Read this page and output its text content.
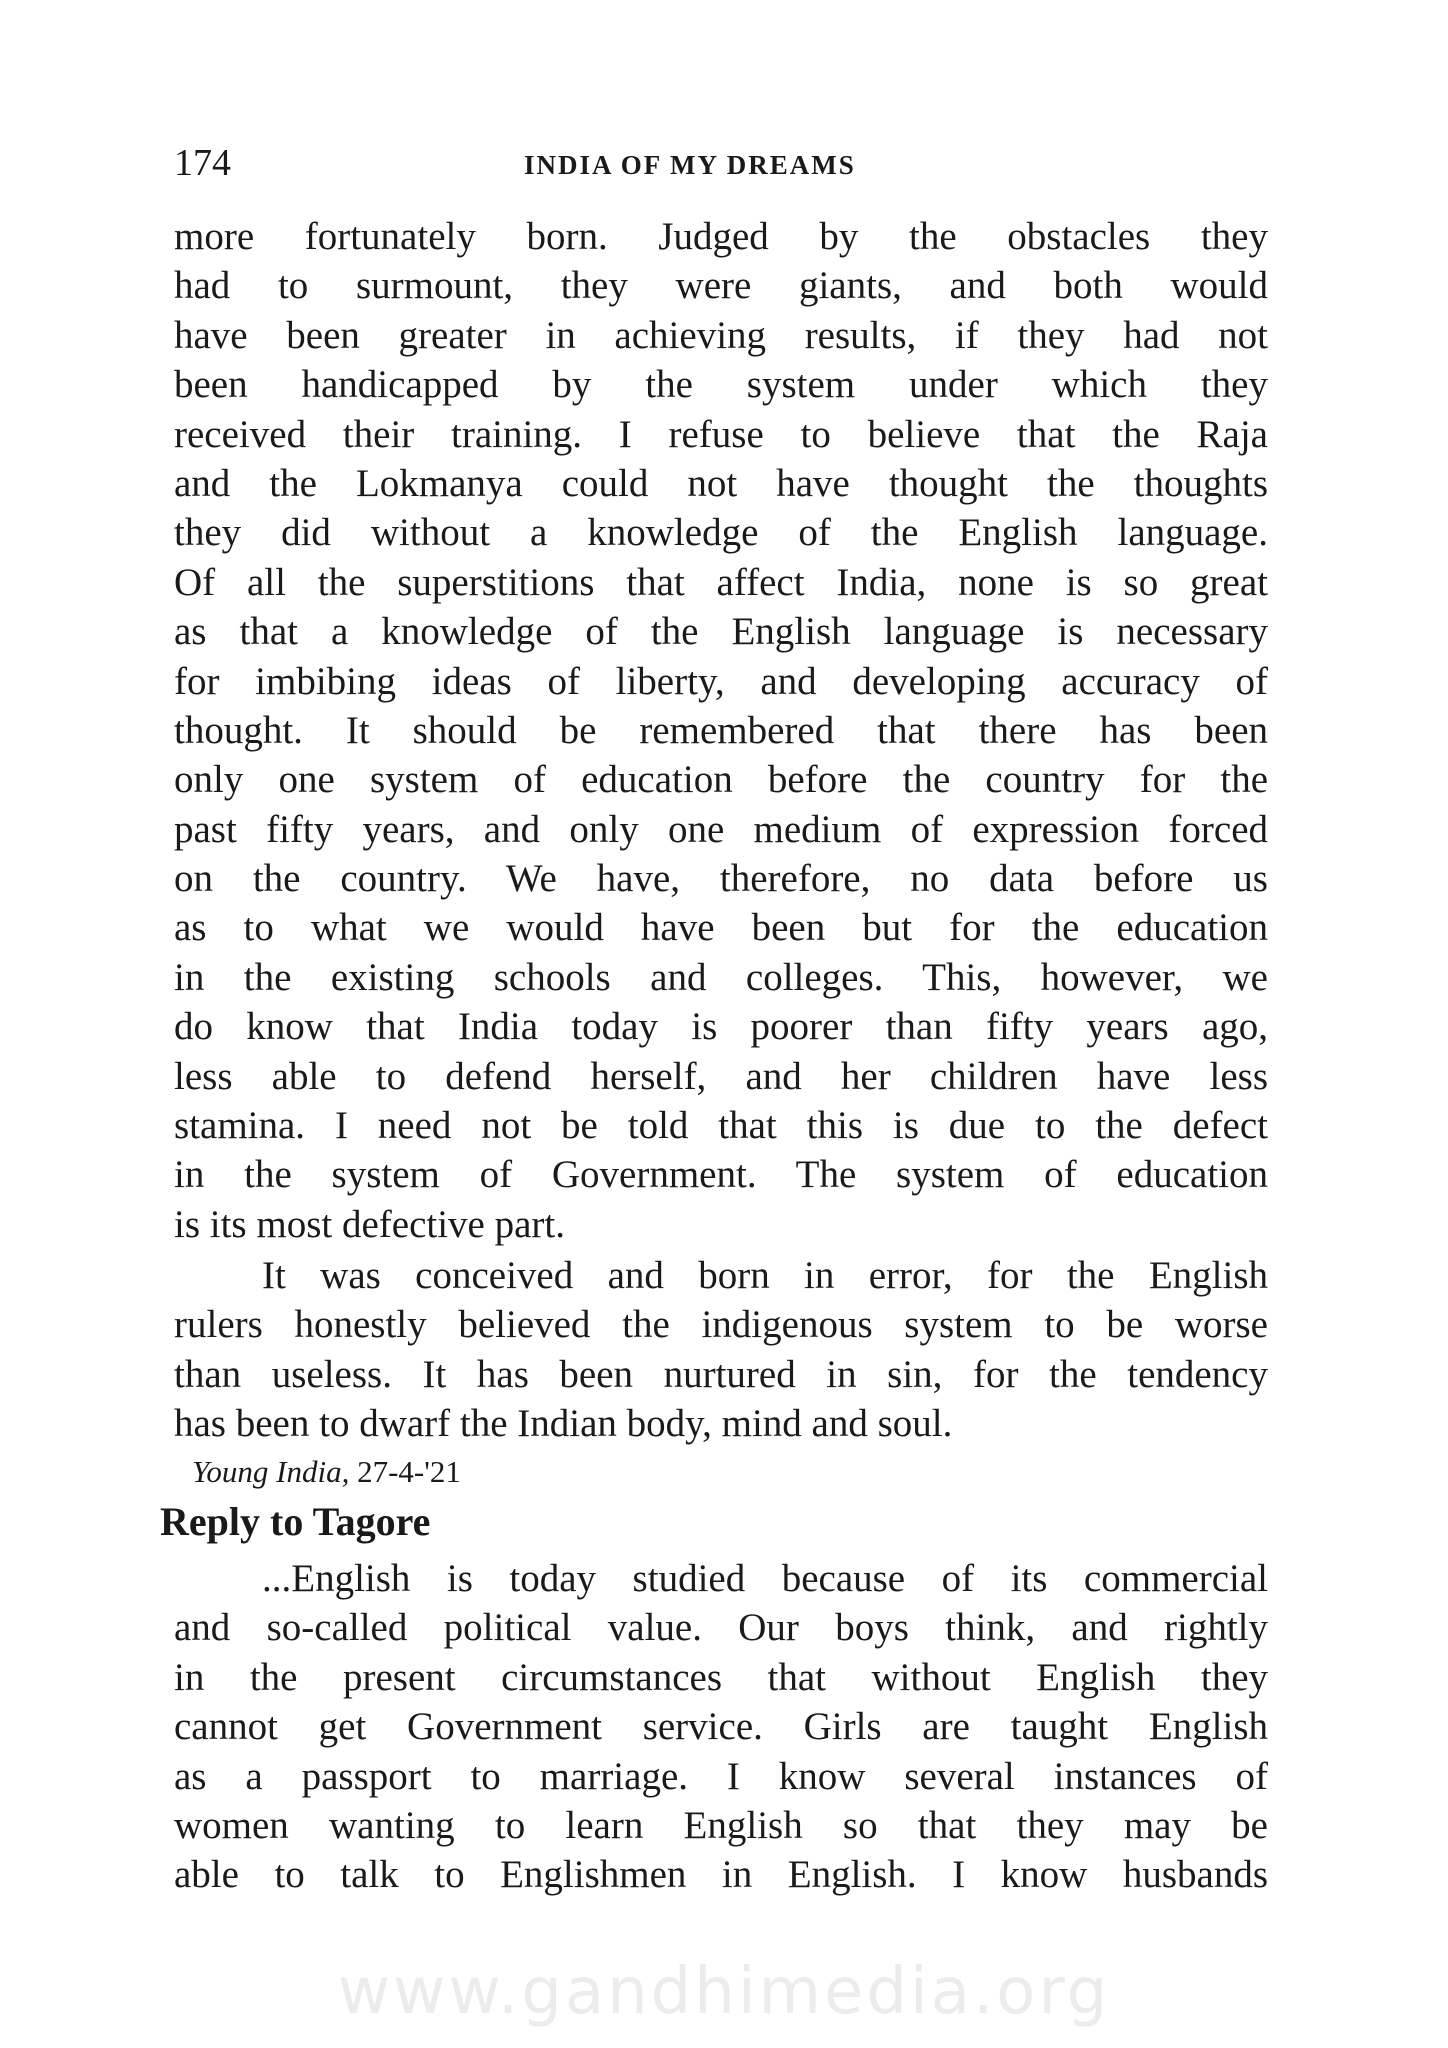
174	INDIA OF MY DREAMS
more fortunately born. Judged by the obstacles they
had to surmount, they were giants, and both would
have been greater in achieving results, if they had not
been handicapped by the system under which they
received their training. I refuse to believe that the Raja
and the Lokmanya could not have thought the thoughts
they did without a knowledge of the English language.
Of all the superstitions that affect India, none is so great
as that a knowledge of the English language is necessary
for imbibing ideas of liberty, and developing accuracy of
thought. It should be remembered that there has been
only one system of education before the country for the
past fifty years, and only one medium of expression forced
on the country. We have, therefore, no data before us
as to what we would have been but for the education
in the existing schools and colleges. This, however, we
do know that India today is poorer than fifty years ago,
less able to defend herself, and her children have less
stamina. I need not be told that this is due to the defect
in the system of Government. The system of education
is its most defective part.
It was conceived and born in error, for the English
rulers honestly believed the indigenous system to be worse
than useless. It has been nurtured in sin, for the tendency
has been to dwarf the Indian body, mind and soul.
Young India, 27-4-'21
Reply to Tagore
...English is today studied because of its commercial
and so-called political value. Our boys think, and rightly
in the present circumstances that without English they
cannot get Government service. Girls are taught English
as a passport to marriage. I know several instances of
women wanting to learn English so that they may be
able to talk to Englishmen in English. I know husbands
www.gandhimedia.org
